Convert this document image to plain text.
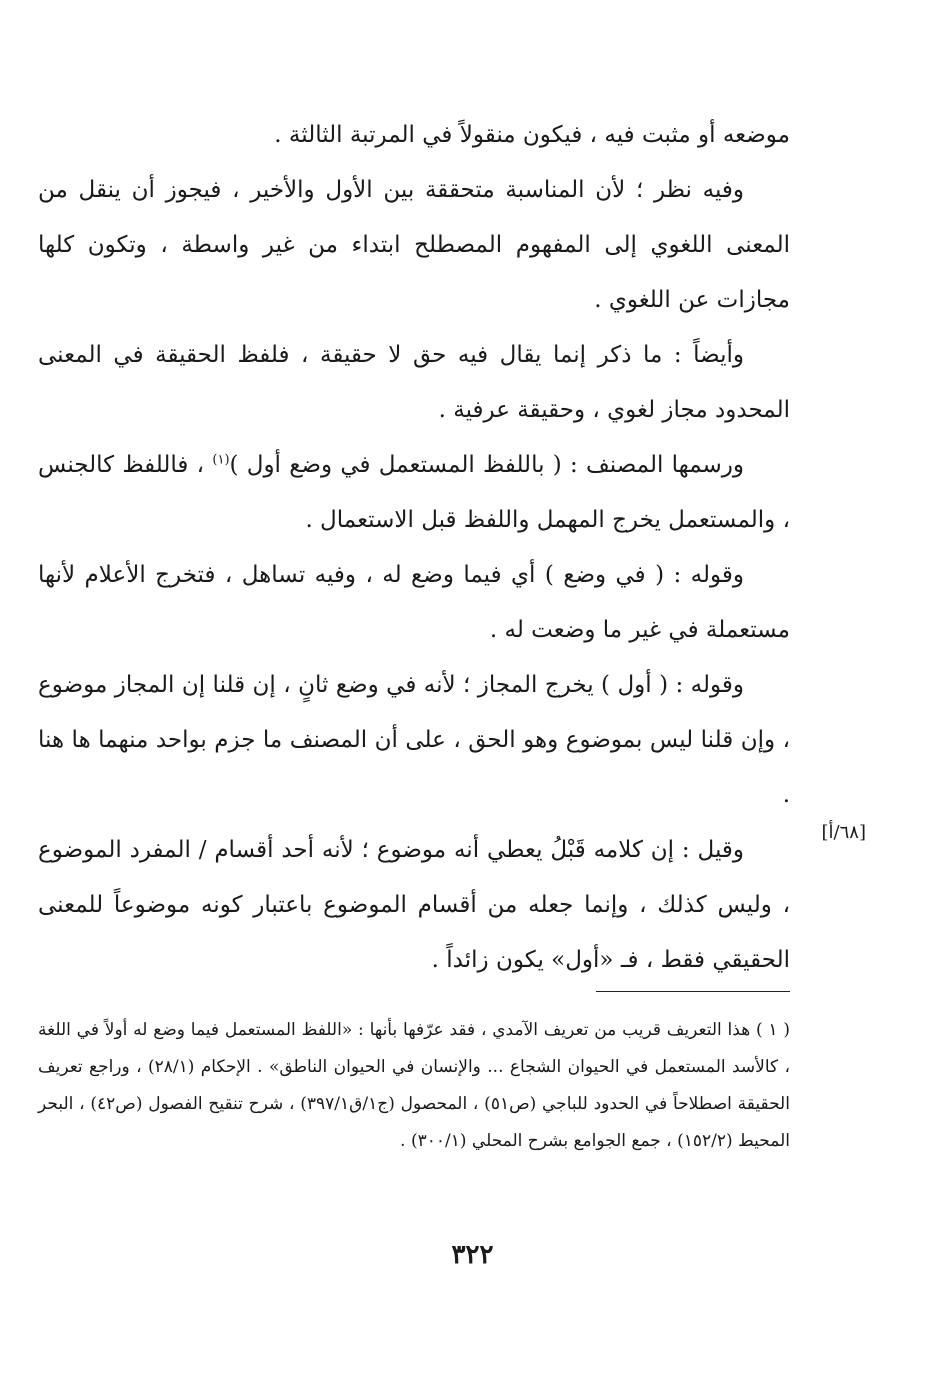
موضعه أو مثبت فيه ، فيكون منقولاً في المرتبة الثالثة .

وفيه نظر ؛ لأن المناسبة متحققة بين الأول والأخير ، فيجوز أن ينقل من المعنى اللغوي إلى المفهوم المصطلح ابتداء من غير واسطة ، وتكون كلها مجازات عن اللغوي .

وأيضاً : ما ذكر إنما يقال فيه حق لا حقيقة ، فلفظ الحقيقة في المعنى المحدود مجاز لغوي ، وحقيقة عرفية .

ورسمها المصنف : ( باللفظ المستعمل في وضع أول )$^{(١)}$ ، فاللفظ كالجنس ، والمستعمل يخرج المهمل واللفظ قبل الاستعمال .

وقوله : ( في وضع ) أي فيما وضع له ، وفيه تساهل ، فتخرج الأعلام لأنها مستعملة في غير ما وضعت له .

وقوله : ( أول ) يخرج المجاز ؛ لأنه في وضع ثانٍ ، إن قلنا إن المجاز موضوع ، وإن قلنا ليس بموضوع وهو الحق ، على أن المصنف ما جزم بواحد منهما ها هنا .

وقيل : إن كلامه قَبْلُ يعطي أنه موضوع ؛ لأنه أحد أقسام / المفرد الموضوع ، وليس كذلك ، وإنما جعله من أقسام الموضوع باعتبار كونه موضوعاً للمعنى الحقيقي فقط ، فـ «أول» يكون زائداً .

[٦٨/أ]

( ١ ) هذا التعريف قريب من تعريف الآمدي ، فقد عرّفها بأنها : «اللفظ المستعمل فيما وضع له أولاً في اللغة ، كالأسد المستعمل في الحيوان الشجاع ... والإنسان في الحيوان الناطق» . الإحكام (٢٨/١) ، وراجع تعريف الحقيقة اصطلاحاً في الحدود للباجي (ص٥١) ، المحصول (ج١/ق٣٩٧/١) ، شرح تنقيح الفصول (ص٤٢) ، البحر المحيط (١٥٢/٢) ، جمع الجوامع بشرح المحلي (٣٠٠/١) .

٣٢٢
